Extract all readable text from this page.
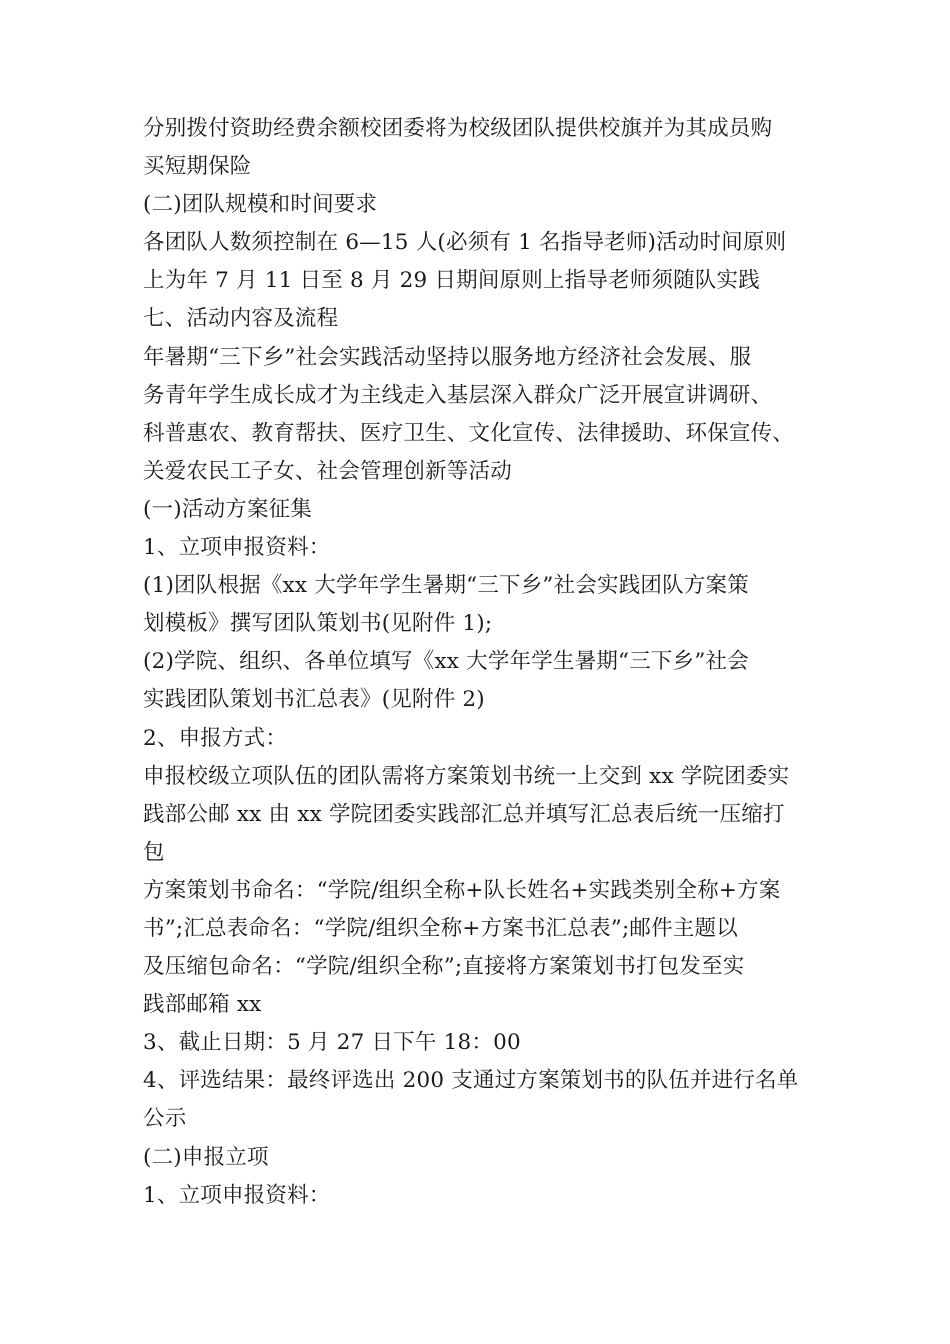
分别拨付资助经费余额校团委将为校级团队提供校旗并为其成员购
买短期保险
(二)团队规模和时间要求
各团队人数须控制在 6—15 人(必须有 1 名指导老师)活动时间原则
上为年 7 月 11 日至 8 月 29 日期间原则上指导老师须随队实践
七、活动内容及流程
年暑期“三下乡”社会实践活动坚持以服务地方经济社会发展、服
务青年学生成长成才为主线走入基层深入群众广泛开展宣讲调研、
科普惠农、教育帮扶、医疗卫生、文化宣传、法律援助、环保宣传、
关爱农民工子女、社会管理创新等活动
(一)活动方案征集
1、立项申报资料：
(1)团队根据《xx 大学年学生暑期“三下乡”社会实践团队方案策
划模板》撰写团队策划书(见附件 1);
(2)学院、组织、各单位填写《xx 大学年学生暑期“三下乡”社会
实践团队策划书汇总表》(见附件 2)
2、申报方式：
申报校级立项队伍的团队需将方案策划书统一上交到 xx 学院团委实
践部公邮 xx 由 xx 学院团委实践部汇总并填写汇总表后统一压缩打
包
方案策划书命名：“学院/组织全称+队长姓名+实践类别全称+方案
书”;汇总表命名：“学院/组织全称+方案书汇总表”;邮件主题以
及压缩包命名：“学院/组织全称”;直接将方案策划书打包发至实
践部邮箱 xx
3、截止日期：5 月 27 日下午 18：00
4、评选结果：最终评选出 200 支通过方案策划书的队伍并进行名单
公示
(二)申报立项
1、立项申报资料：
